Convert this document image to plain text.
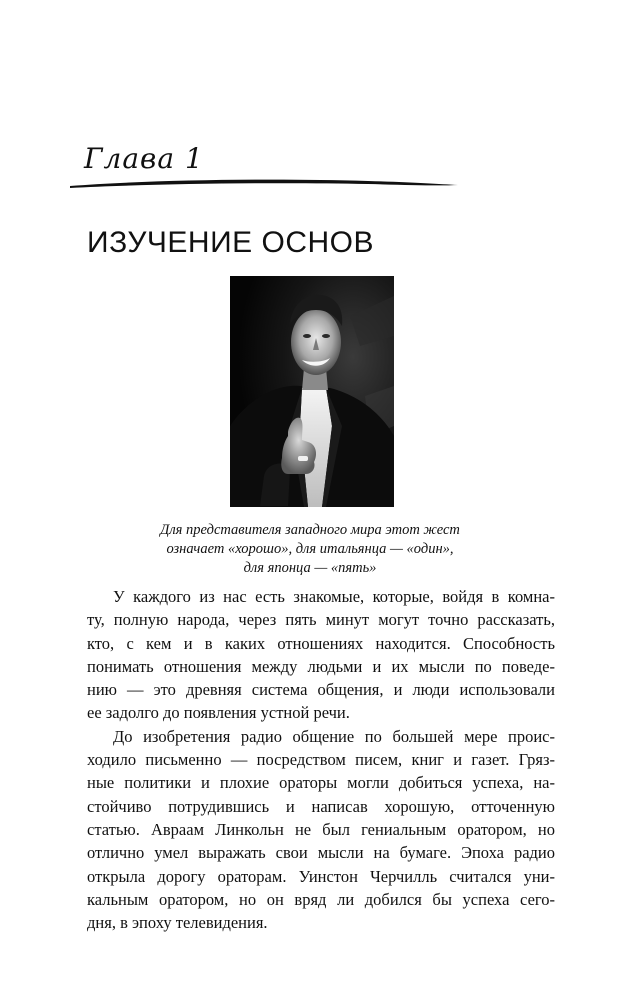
Глава 1
ИЗУЧЕНИЕ ОСНОВ
Для представителя западного мира этот жест
означает «хорошо», для итальянца — «один»,
для японца — «пять»
У каждого из нас есть знакомые, которые, войдя в комна-
ту, полную народа, через пять минут могут точно рассказать,
кто, с кем и в каких отношениях находится. Способность
понимать отношения между людьми и их мысли по поведе-
нию — это древняя система общения, и люди использовали
ее задолго до появления устной речи.
До изобретения радио общение по большей мере проис-
ходило письменно — посредством писем, книг и газет. Гряз-
ные политики и плохие ораторы могли добиться успеха, на-
стойчиво потрудившись и написав хорошую, отточенную
статью. Авраам Линкольн не был гениальным оратором, но
отлично умел выражать свои мысли на бумаге. Эпоха радио
открыла дорогу ораторам. Уинстон Черчилль считался уни-
кальным оратором, но он вряд ли добился бы успеха сего-
дня, в эпоху телевидения.
